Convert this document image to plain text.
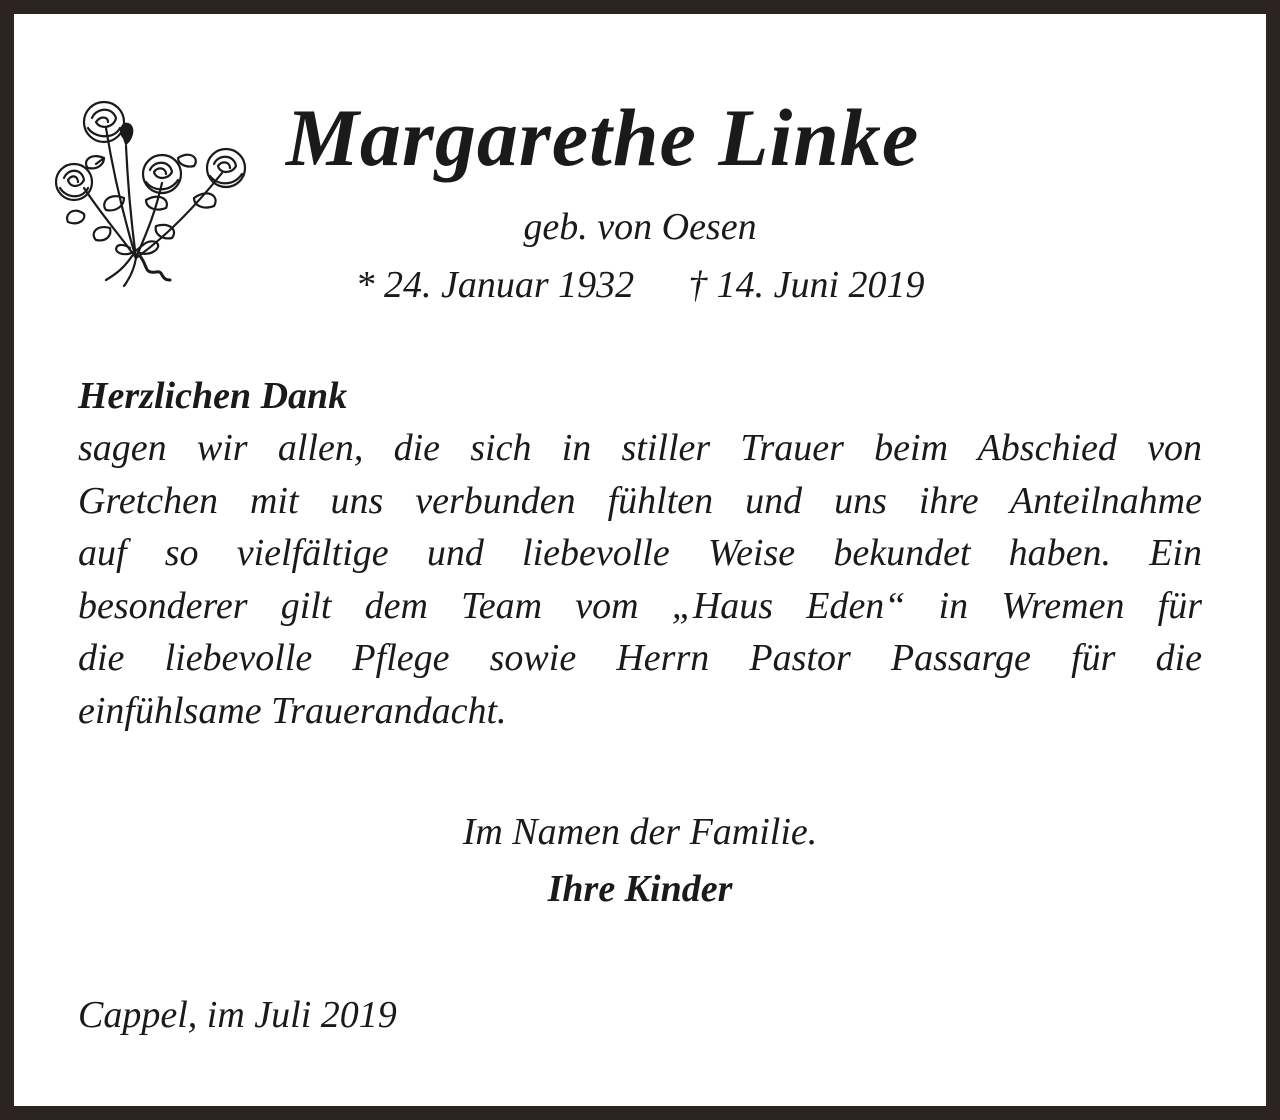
Margarethe Linke
geb. von Oesen
* 24. Januar 1932 † 14. Juni 2019
Herzlichen Dank
sagen wir allen, die sich in stiller Trauer beim Abschied von
Gretchen mit uns verbunden fühlten und uns ihre Anteilnahme
auf so vielfältige und liebevolle Weise bekundet haben. Ein
besonderer gilt dem Team vom „Haus Eden“ in Wremen für
die liebevolle Pflege sowie Herrn Pastor Passarge für die
einfühlsame Trauerandacht.
Im Namen der Familie.
Ihre Kinder
Cappel, im Juli 2019
